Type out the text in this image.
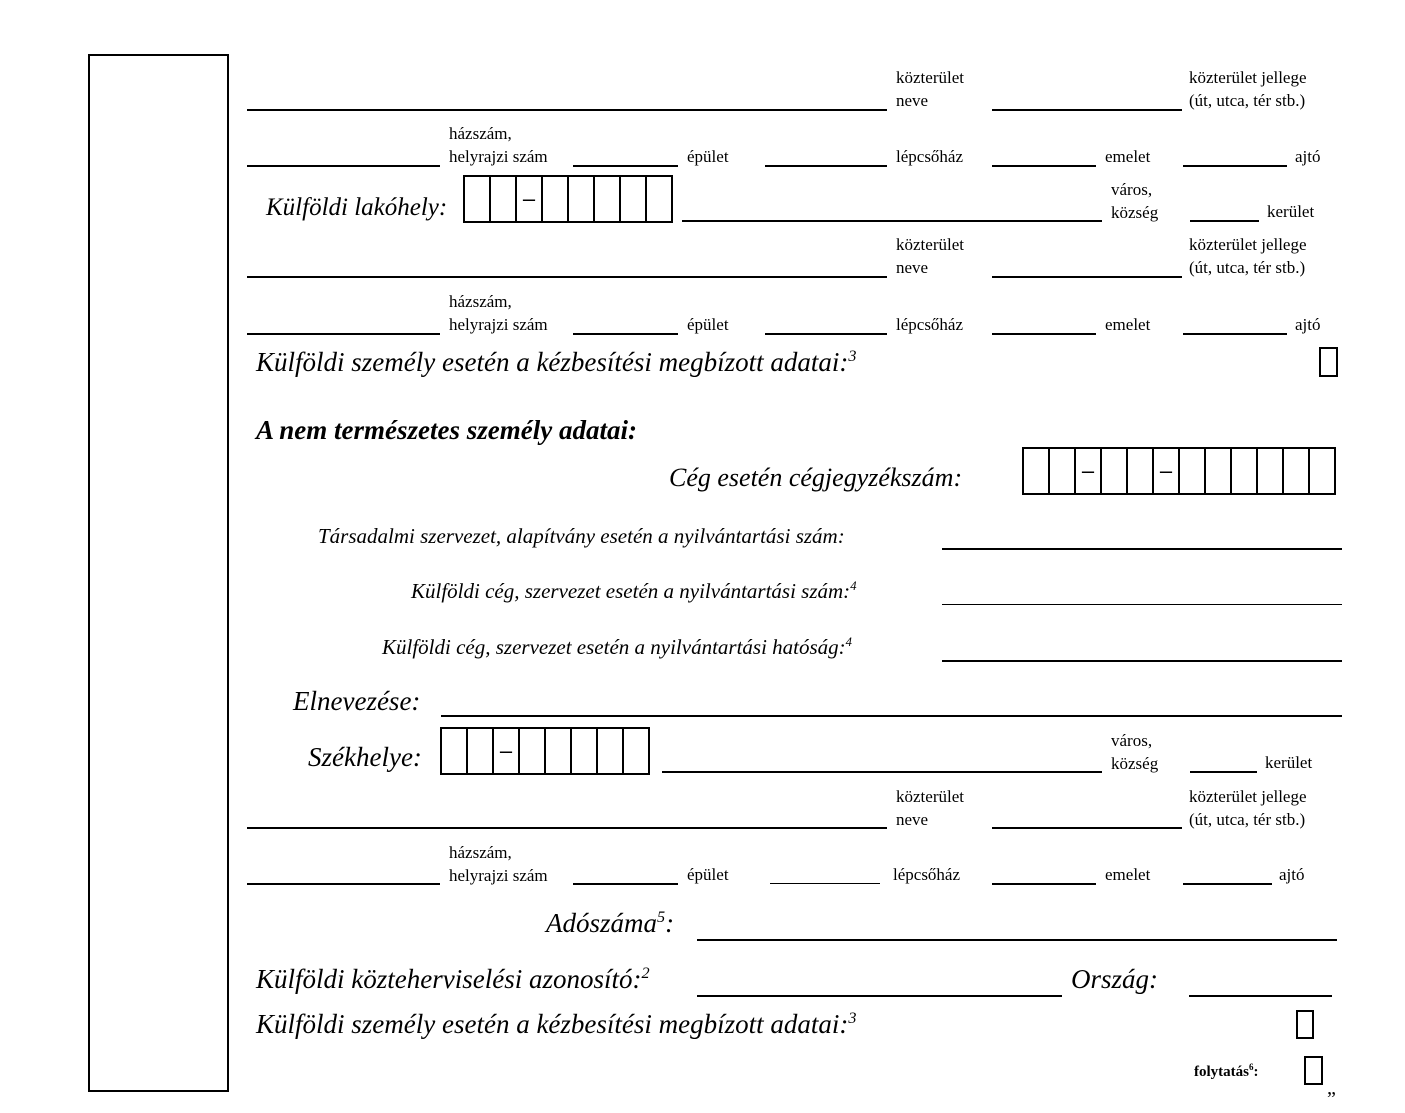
közterület
neve
közterület jellege
(út, utca, tér stb.)
házszám,
helyrajzi szám	épület	lépcsőház	emelet	ajtó
Külföldi lakóhely:	–	város,
község	kerület
közterület
neve
közterület jellege
(út, utca, tér stb.)
házszám,
helyrajzi szám	épület	lépcsőház	emelet	ajtó
Külföldi személy esetén a kézbesítési megbízott adatai:$^3$
A nem természetes személy adatai:
Cég esetén cégjegyzékszám:	–	–
Társadalmi szervezet, alapítvány esetén a nyilvántartási szám:
Külföldi cég, szervezet esetén a nyilvántartási szám:$^4$
Külföldi cég, szervezet esetén a nyilvántartási hatóság:$^4$
Elnevezése:
Székhelye:	–	város,
község	kerület
közterület
neve
közterület jellege
(út, utca, tér stb.)
házszám,
helyrajzi szám	épület	lépcsőház	emelet	ajtó
Adószáma$^5$:
Külföldi közteherviselési azonosító:$^2$	Ország:
Külföldi személy esetén a kézbesítési megbízott adatai:$^3$
folytatás$^6$:
”
